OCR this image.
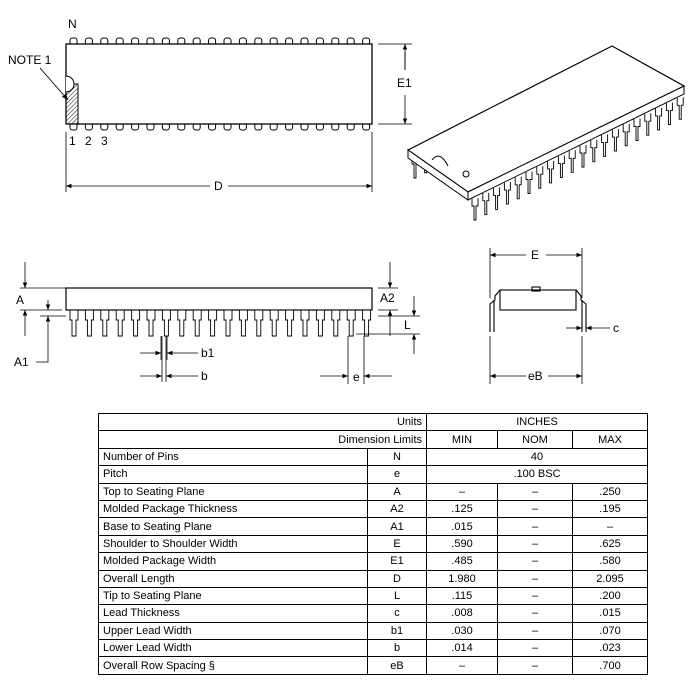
N
NOTE 1
1 2 3
E1
D
A
A1
A2
L
b1
b	e
E
c
eB
Units		INCHES		
Dimension Limits		MIN	NOM	MAX
Number of Pins	N	40		
Pitch	e	.100 BSC		
Top to Seating Plane	A	–	–	.250
Molded Package Thickness	A2	.125	–	.195
Base to Seating Plane	A1	.015	–	–
Shoulder to Shoulder Width	E	.590	–	.625
Molded Package Width	E1	.485	–	.580
Overall Length	D	1.980	–	2.095
Tip to Seating Plane	L	.115	–	.200
Lead Thickness	c	.008	–	.015
Upper Lead Width	b1	.030	–	.070
Lower Lead Width	b	.014	–	.023
Overall Row Spacing §	eB	–	–	.700
